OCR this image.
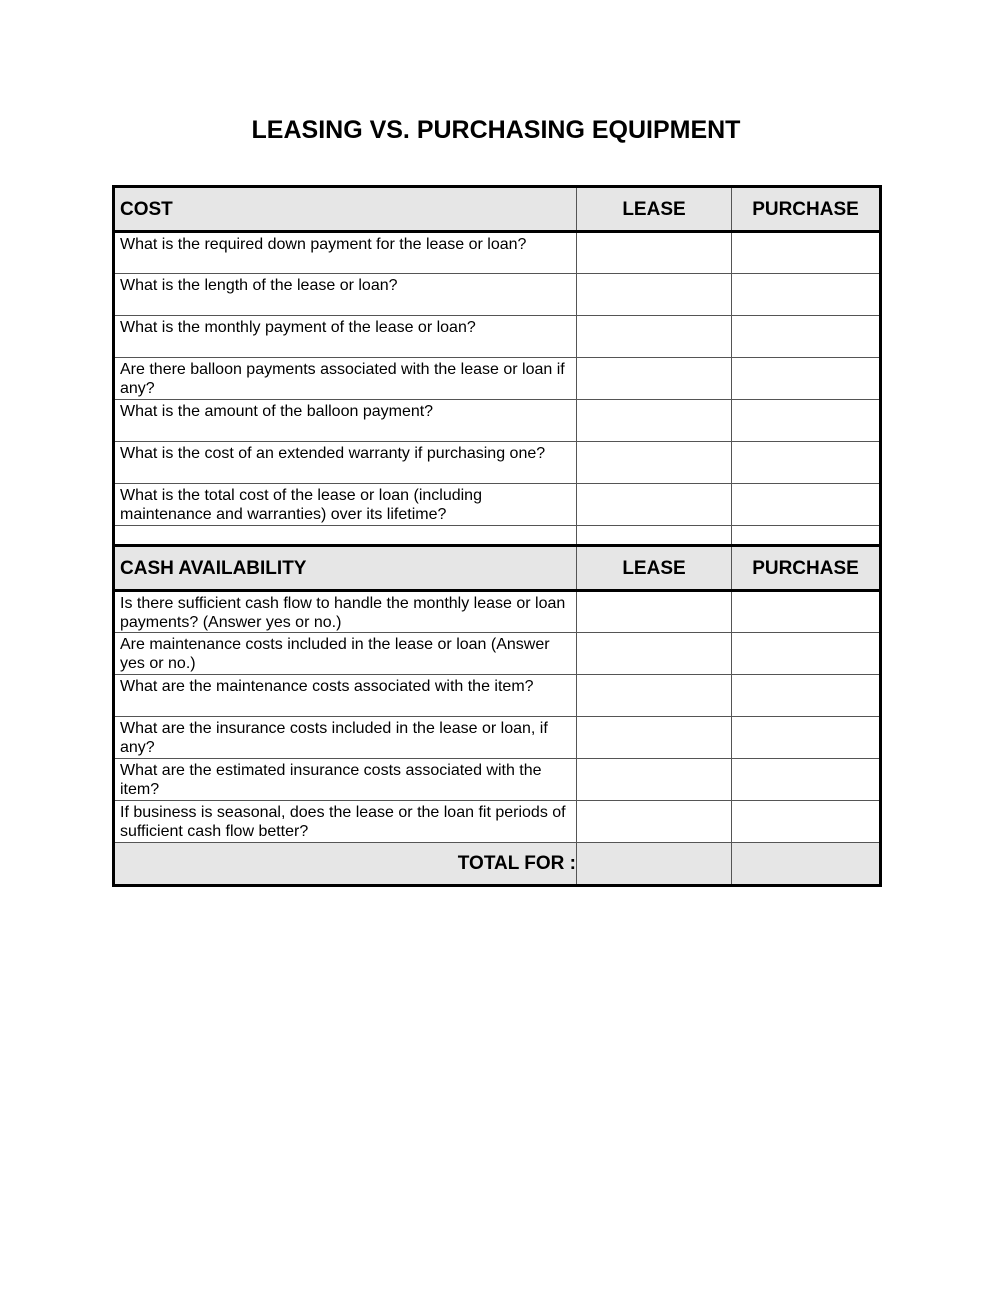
LEASING VS. PURCHASING EQUIPMENT
COST	LEASE	PURCHASE
What is the required down payment for the lease or loan?		
What is the length of the lease or loan?		
What is the monthly payment of the lease or loan?		
Are there balloon payments associated with the lease or loan if any?		
What is the amount of the balloon payment?		
What is the cost of an extended warranty if purchasing one?		
What is the total cost of the lease or loan (including maintenance and warranties) over its lifetime?		

CASH AVAILABILITY	LEASE	PURCHASE
Is there sufficient cash flow to handle the monthly lease or loan payments? (Answer yes or no.)		
Are maintenance costs included in the lease or loan (Answer yes or no.)		
What are the maintenance costs associated with the item?		
What are the insurance costs included in the lease or loan, if any?		
What are the estimated insurance costs associated with the item?		
If business is seasonal, does the lease or the loan fit periods of sufficient cash flow better?		
TOTAL FOR :		
